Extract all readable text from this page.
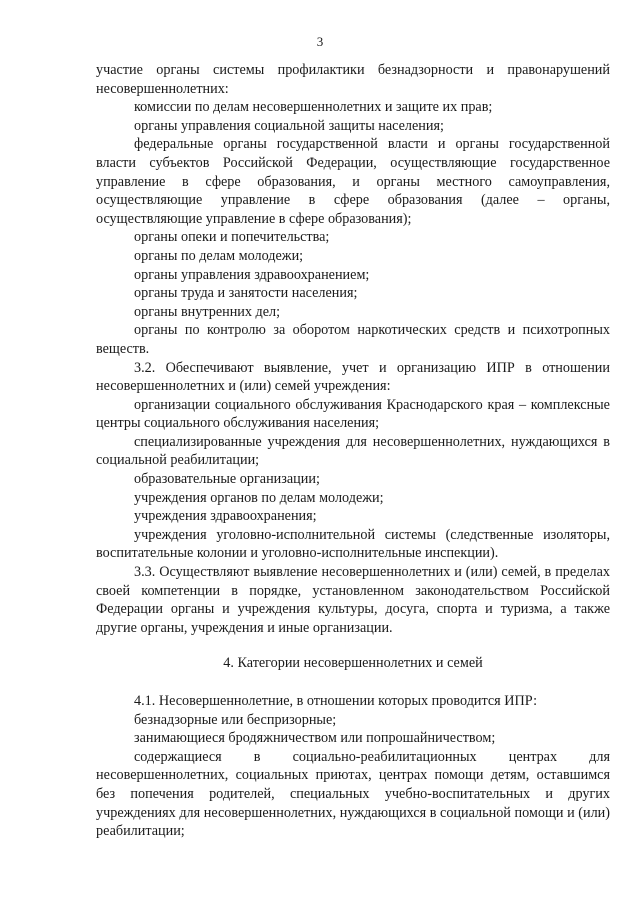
3

участие органы системы профилактики безнадзорности и правонарушений несовершеннолетних:

комиссии по делам несовершеннолетних и защите их прав;

органы управления социальной защиты населения;

федеральные органы государственной власти и органы государственной власти субъектов Российской Федерации, осуществляющие государственное управление в сфере образования, и органы местного самоуправления, осуществляющие управление в сфере образования (далее – органы, осуществляющие управление в сфере образования);

органы опеки и попечительства;

органы по делам молодежи;

органы управления здравоохранением;

органы труда и занятости населения;

органы внутренних дел;

органы по контролю за оборотом наркотических средств и психотропных веществ.

3.2. Обеспечивают выявление, учет и организацию ИПР в отношении несовершеннолетних и (или) семей учреждения:

организации социального обслуживания Краснодарского края – комплексные центры социального обслуживания населения;

специализированные учреждения для несовершеннолетних, нуждающихся в социальной реабилитации;

образовательные организации;

учреждения органов по делам молодежи;

учреждения здравоохранения;

учреждения уголовно-исполнительной системы (следственные изоляторы, воспитательные колонии и уголовно-исполнительные инспекции).

3.3. Осуществляют выявление несовершеннолетних и (или) семей, в пределах своей компетенции в порядке, установленном законодательством Российской Федерации органы и учреждения культуры, досуга, спорта и туризма, а также другие органы, учреждения и иные организации.

4. Категории несовершеннолетних и семей

4.1. Несовершеннолетние, в отношении которых проводится ИПР:

безнадзорные или беспризорные;

занимающиеся бродяжничеством или попрошайничеством;

содержащиеся в социально-реабилитационных центрах для несовершеннолетних, социальных приютах, центрах помощи детям, оставшимся без попечения родителей, специальных учебно-воспитательных и других учреждениях для несовершеннолетних, нуждающихся в социальной помощи и (или) реабилитации;
